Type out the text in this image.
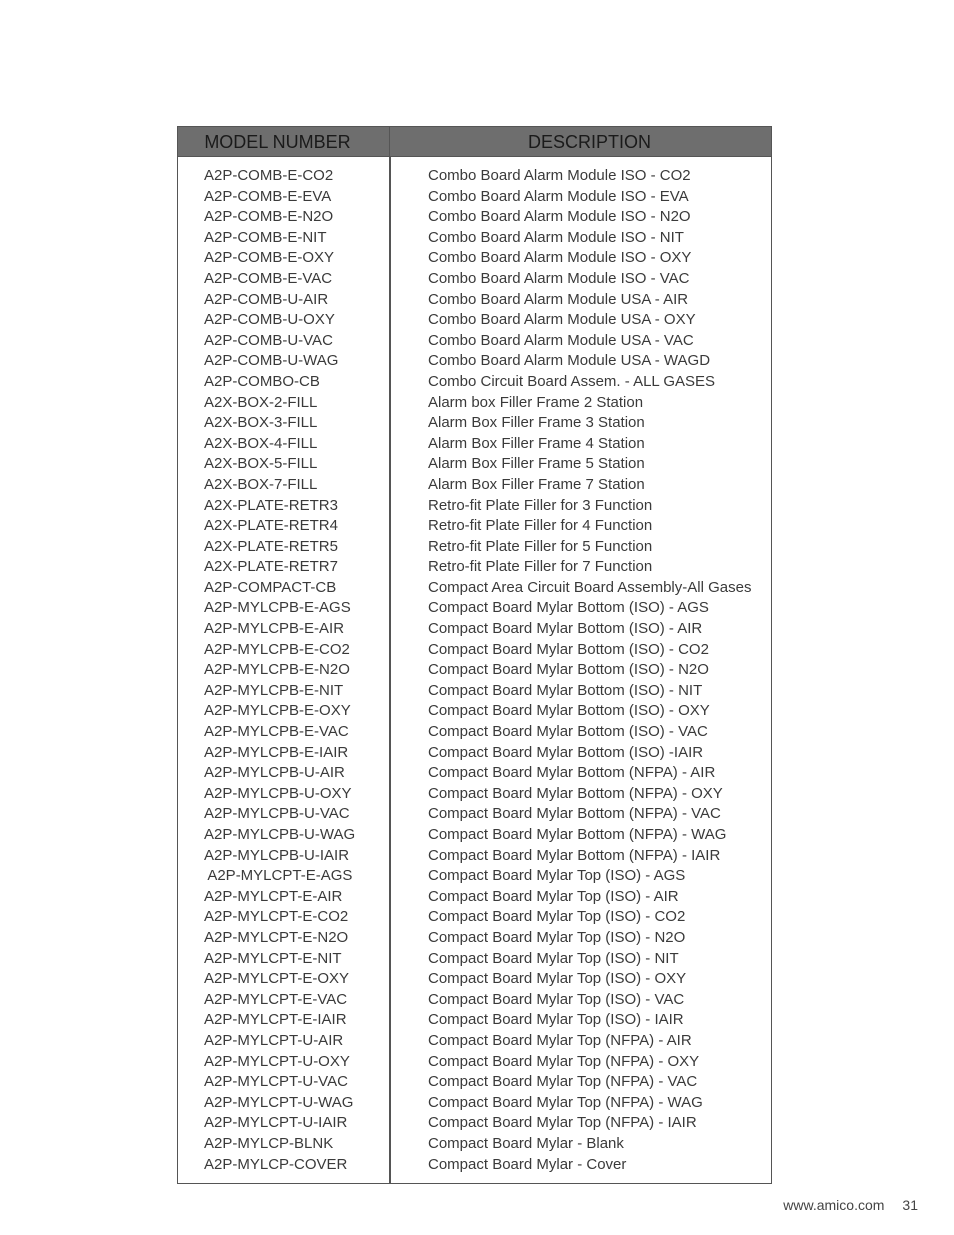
MODEL NUMBER	DESCRIPTION
A2P-COMB-E-CO2	Combo Board Alarm Module ISO - CO2
A2P-COMB-E-EVA	Combo Board Alarm Module ISO - EVA
A2P-COMB-E-N2O	Combo Board Alarm Module ISO - N2O
A2P-COMB-E-NIT	Combo Board Alarm Module ISO - NIT
A2P-COMB-E-OXY	Combo Board Alarm Module ISO - OXY
A2P-COMB-E-VAC	Combo Board Alarm Module ISO - VAC
A2P-COMB-U-AIR	Combo Board Alarm Module USA - AIR
A2P-COMB-U-OXY	Combo Board Alarm Module USA - OXY
A2P-COMB-U-VAC	Combo Board Alarm Module USA - VAC
A2P-COMB-U-WAG	Combo Board Alarm Module USA - WAGD
A2P-COMBO-CB	Combo Circuit Board Assem. - ALL GASES
A2X-BOX-2-FILL	Alarm box Filler Frame 2 Station
A2X-BOX-3-FILL	Alarm Box Filler Frame 3 Station
A2X-BOX-4-FILL	Alarm Box Filler Frame 4 Station
A2X-BOX-5-FILL	Alarm Box Filler Frame 5 Station
A2X-BOX-7-FILL	Alarm Box Filler Frame 7 Station
A2X-PLATE-RETR3	Retro-fit Plate Filler for 3 Function
A2X-PLATE-RETR4	Retro-fit Plate Filler for 4 Function
A2X-PLATE-RETR5	Retro-fit Plate Filler for 5 Function
A2X-PLATE-RETR7	Retro-fit Plate Filler for 7 Function
A2P-COMPACT-CB	Compact Area Circuit Board Assembly-All Gases
A2P-MYLCPB-E-AGS	Compact Board Mylar Bottom (ISO) - AGS
A2P-MYLCPB-E-AIR	Compact Board Mylar Bottom (ISO) - AIR
A2P-MYLCPB-E-CO2	Compact Board Mylar Bottom (ISO) - CO2
A2P-MYLCPB-E-N2O	Compact Board Mylar Bottom (ISO) - N2O
A2P-MYLCPB-E-NIT	Compact Board Mylar Bottom (ISO) - NIT
A2P-MYLCPB-E-OXY	Compact Board Mylar Bottom (ISO) - OXY
A2P-MYLCPB-E-VAC	Compact Board Mylar Bottom (ISO) - VAC
A2P-MYLCPB-E-IAIR	Compact Board Mylar Bottom (ISO) -IAIR
A2P-MYLCPB-U-AIR	Compact Board Mylar Bottom (NFPA) - AIR
A2P-MYLCPB-U-OXY	Compact Board Mylar Bottom (NFPA) - OXY
A2P-MYLCPB-U-VAC	Compact Board Mylar Bottom (NFPA) - VAC
A2P-MYLCPB-U-WAG	Compact Board Mylar Bottom (NFPA) - WAG
A2P-MYLCPB-U-IAIR	Compact Board Mylar Bottom (NFPA) - IAIR
A2P-MYLCPT-E-AGS	Compact Board Mylar Top (ISO) - AGS
A2P-MYLCPT-E-AIR	Compact Board Mylar Top (ISO) - AIR
A2P-MYLCPT-E-CO2	Compact Board Mylar Top (ISO) - CO2
A2P-MYLCPT-E-N2O	Compact Board Mylar Top (ISO) - N2O
A2P-MYLCPT-E-NIT	Compact Board Mylar Top (ISO) - NIT
A2P-MYLCPT-E-OXY	Compact Board Mylar Top (ISO) - OXY
A2P-MYLCPT-E-VAC	Compact Board Mylar Top (ISO) - VAC
A2P-MYLCPT-E-IAIR	Compact Board Mylar Top (ISO) - IAIR
A2P-MYLCPT-U-AIR	Compact Board Mylar Top (NFPA) - AIR
A2P-MYLCPT-U-OXY	Compact Board Mylar Top (NFPA) - OXY
A2P-MYLCPT-U-VAC	Compact Board Mylar Top (NFPA) - VAC
A2P-MYLCPT-U-WAG	Compact Board Mylar Top (NFPA) - WAG
A2P-MYLCPT-U-IAIR	Compact Board Mylar Top (NFPA) - IAIR
A2P-MYLCP-BLNK	Compact Board Mylar - Blank
A2P-MYLCP-COVER	Compact Board Mylar - Cover
www.amico.com 31
